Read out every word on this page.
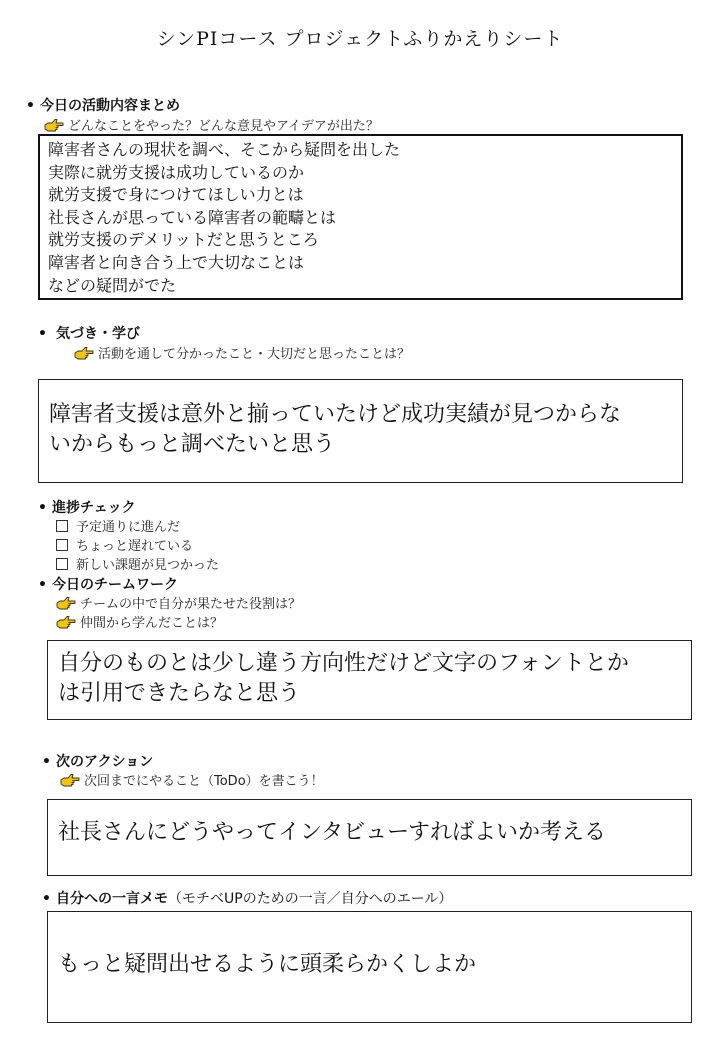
シンPIコース プロジェクトふりかえりシート
• 今日の活動内容まとめ
どんなことをやった？どんな意見やアイデアが出た？
障害者さんの現状を調べ、そこから疑問を出した
実際に就労支援は成功しているのか
就労支援で身につけてほしい力とは
社長さんが思っている障害者の範疇とは
就労支援のデメリットだと思うところ
障害者と向き合う上で大切なことは
などの疑問がでた
• 気づき・学び
活動を通して分かったこと・大切だと思ったことは？
障害者支援は意外と揃っていたけど成功実績が見つからな
いからもっと調べたいと思う
• 進捗チェック
予定通りに進んだ
ちょっと遅れている
新しい課題が見つかった
• 今日のチームワーク
チームの中で自分が果たせた役割は？
仲間から学んだことは？
自分のものとは少し違う方向性だけど文字のフォントとか
は引用できたらなと思う
• 次のアクション
次回までにやること（ToDo）を書こう！
社長さんにどうやってインタビューすればよいか考える
• 自分への一言メモ（モチベUPのための一言／自分へのエール）
もっと疑問出せるように頭柔らかくしよか
